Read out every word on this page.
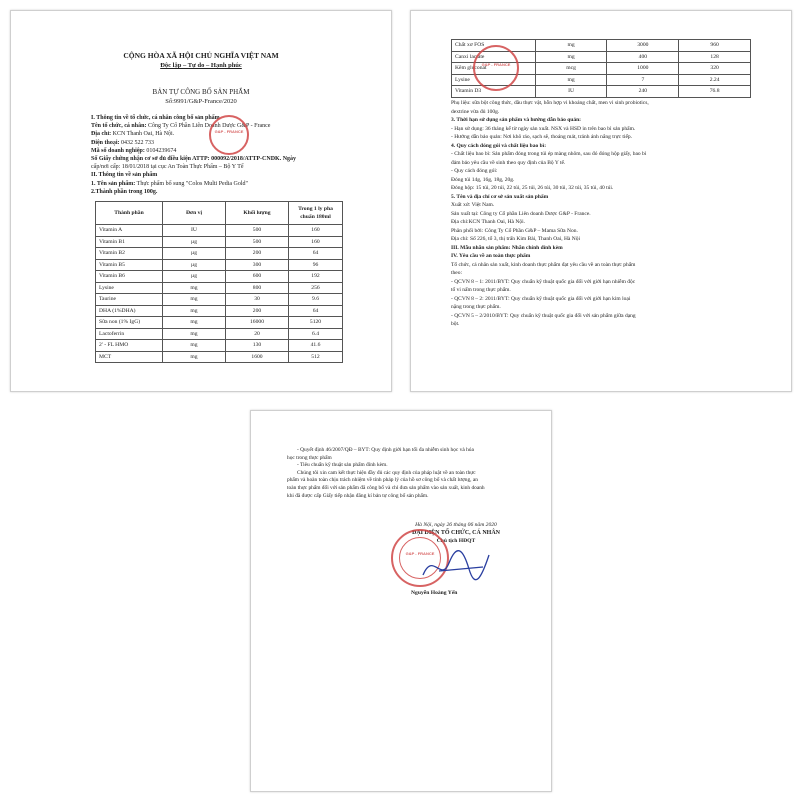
CỘNG HÒA XÃ HỘI CHỦ NGHĨA VIỆT NAM
Độc lập – Tự do – Hạnh phúc
BẢN TỰ CÔNG BỐ SẢN PHẨM
Số:9991/G&P-France/2020
I. Thông tin về tổ chức, cá nhân công bố sản phẩm
Tên tổ chức, cá nhân: Công Ty Cổ Phần Liên Doanh Dược G&P - France
Địa chỉ: KCN Thanh Oai, Hà Nội.
Điện thoại: 0432 522 733
Mã số doanh nghiệp: 0104239674
Số Giấy chứng nhận cơ sở đủ điều kiện ATTP: 000092/2018/ATTP-CNDK. Ngày
cấp/nơi cấp: 18/01/2018 tại cục An Toàn Thực Phẩm – Bộ Y Tế
II. Thông tin về sản phẩm
1. Tên sản phẩm: Thực phẩm bổ sung "Colos Multi Pedia Gold"
2.Thành phần trong 100g.
G&P - FRANCE
Thành phần	Đơn vị	Khối lượng	Trong 1 ly pha chuẩn 180ml
Vitamin A	IU	500	160
Vitamin B1	µg	500	160
Vitamin B2	µg	200	64
Vitamin B5	µg	300	96
Vitamin B6	µg	600	192
Lysine	mg	800	256
Taurine	mg	30	9.6
DHA (1%DHA)	mg	200	64
Sữa non (1% IgG)	mg	16000	5120
Lactoferrin	mg	20	6.4
2' - FL HMO	mg	130	41.6
MCT	mg	1600	512
Chất xơ FOS	mg	3000	960
Canxi lactate	mg	400	128
Kẽm gluconat	mcg	1000	320
Lysine	mg	7	2.24
Vitamin D3	IU	240	76.8
G&P - FRANCE
Phụ liệu: sữa bột công thức, dầu thực vật, hỗn hợp vi khoáng chất, men vi sinh probiotics,
dextrine vừa đủ 100g.
3. Thời hạn sử dụng sản phẩm và hướng dẫn bảo quản:
- Hạn sử dụng: 36 tháng kể từ ngày sản xuất. NSX và HSD in trên bao bì sản phẩm.
- Hướng dẫn bảo quản: Nơi khô ráo, sạch sẽ, thoáng mát, tránh ánh nắng trực tiếp.
4. Quy cách đóng gói và chất liệu bao bì:
- Chất liệu bao bì: Sản phẩm đóng trong túi ép màng nhôm, sau đó đóng hộp giấy, bao bì
đảm bảo yêu cầu về sinh theo quy định của Bộ Y tế.
- Quy cách đóng gói:
Đóng túi 14g, 16g, 18g, 20g.
Đóng hộp: 15 túi, 20 túi, 22 túi, 25 túi, 26 túi, 30 túi, 32 túi, 35 túi, 40 túi.
5. Tên và địa chỉ cơ sở sản xuất sản phẩm
Xuất xứ: Việt Nam.
Sản xuất tại: Công ty Cổ phần Liên doanh Dược G&P - France.
Địa chỉ:KCN Thanh Oai, Hà Nội.
Phân phối bởi: Công Ty Cổ Phần G&P – Mama Sữa Non.
Địa chỉ: Số 226, tổ 3, thị trấn Kim Bài, Thanh Oai, Hà Nội
III. Mẫu nhãn sản phẩm: Nhãn chính đính kèm
IV. Yêu cầu về an toàn thực phẩm
Tổ chức, cá nhân sản xuất, kinh doanh thực phẩm đạt yêu cầu về an toàn thực phẩm
theo:
- QCVN 8 – 1: 2011/BYT: Quy chuẩn kỹ thuật quốc gia đối với giới hạn nhiễm độc
tố vi nấm trong thực phẩm.
- QCVN 8 – 2: 2011/BYT: Quy chuẩn kỹ thuật quốc gia đối với giới hạn kim loại
nặng trong thực phẩm.
- QCVN 5 – 2/2010/BYT: Quy chuẩn kỹ thuật quốc gia đối với sản phẩm giữa dạng
bột.
- Quyết định 46/2007/QĐ – BYT: Quy định giới hạn tối đa nhiễm sinh học và hóa
học trong thực phẩm
- Tiêu chuẩn kỹ thuật sản phẩm đính kèm.
Chúng tôi xin cam kết thực hiện đầy đủ các quy định của pháp luật về an toàn thực
phẩm và hoàn toàn chịu trách nhiệm về tính pháp lý của hồ sơ công bố và chất lượng, an
toàn thực phẩm đối với sản phẩm đã công bố và chỉ đưa sản phẩm vào sản xuất, kinh doanh
khi đã được cấp Giấy tiếp nhận đăng kí bản tự công bố sản phẩm.
Hà Nội, ngày 26 tháng 06 năm 2020
ĐẠI DIỆN TỔ CHỨC, CÁ NHÂN
Chủ tịch HĐQT
G&P - FRANCE
Nguyễn Hoàng Yến
